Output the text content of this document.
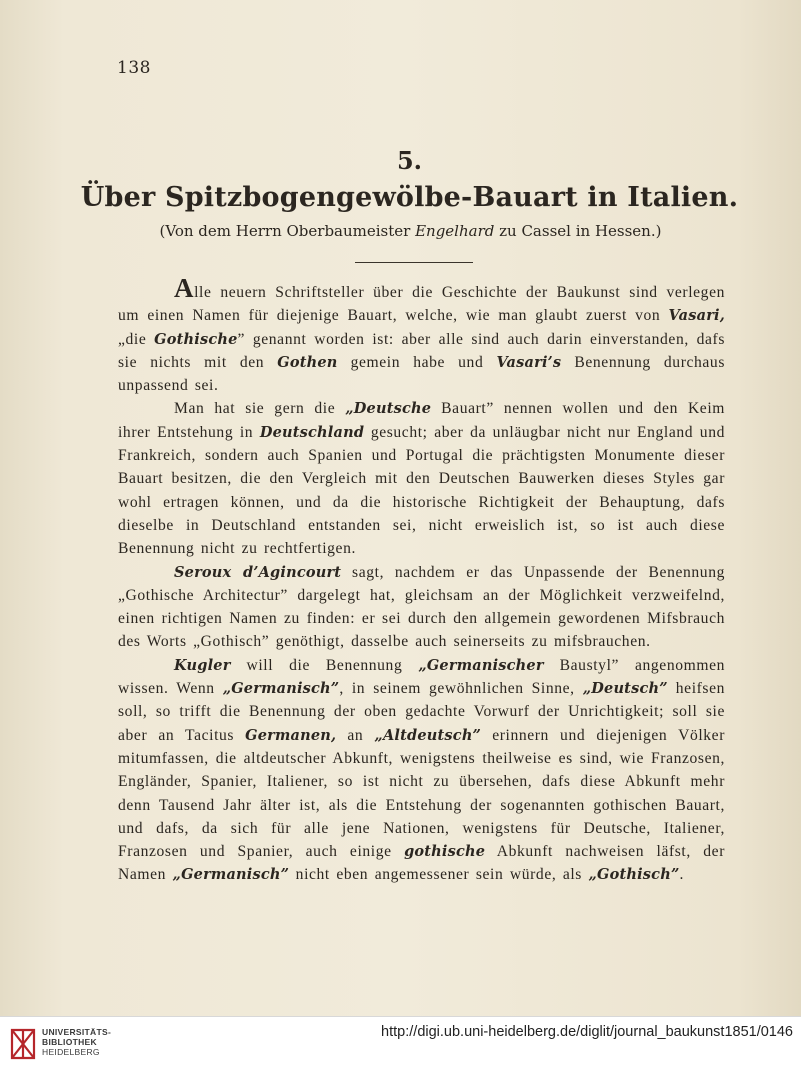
138
5.
Über Spitzbogengewölbe-Bauart in Italien.
(Von dem Herrn Oberbaumeister Engelhard zu Cassel in Hessen.)

Alle neuern Schriftsteller über die Geschichte der Baukunst sind verlegen um einen Namen für diejenige Bauart, welche, wie man glaubt zuerst von Vasari, „die Gothische” genannt worden ist: aber alle sind auch darin einverstanden, dafs sie nichts mit den Gothen gemein habe und Vasari’s Benennung durchaus unpassend sei.

Man hat sie gern die „Deutsche Bauart” nennen wollen und den Keim ihrer Entstehung in Deutschland gesucht; aber da unläugbar nicht nur England und Frankreich, sondern auch Spanien und Portugal die prächtigsten Monumente dieser Bauart besitzen, die den Vergleich mit den Deutschen Bauwerken dieses Styles gar wohl ertragen können, und da die historische Richtigkeit der Behauptung, dafs dieselbe in Deutschland entstanden sei, nicht erweislich ist, so ist auch diese Benennung nicht zu rechtfertigen.

Seroux d’Agincourt sagt, nachdem er das Unpassende der Benennung „Gothische Architectur” dargelegt hat, gleichsam an der Möglichkeit verzweifelnd, einen richtigen Namen zu finden: er sei durch den allgemein gewordenen Mifsbrauch des Worts „Gothisch” genöthigt, dasselbe auch seinerseits zu mifsbrauchen.

Kugler will die Benennung „Germanischer Baustyl” angenommen wissen. Wenn „Germanisch”, in seinem gewöhnlichen Sinne, „Deutsch” heifsen soll, so trifft die Benennung der oben gedachte Vorwurf der Unrichtigkeit; soll sie aber an Tacitus Germanen, an „Altdeutsch” erinnern und diejenigen Völker mitumfassen, die altdeutscher Abkunft, wenigstens theilweise es sind, wie Franzosen, Engländer, Spanier, Italiener, so ist nicht zu übersehen, dafs diese Abkunft mehr denn Tausend Jahr älter ist, als die Entstehung der sogenannten gothischen Bauart, und dafs, da sich für alle jene Nationen, wenigstens für Deutsche, Italiener, Franzosen und Spanier, auch einige gothische Abkunft nachweisen läfst, der Namen „Germanisch” nicht eben angemessener sein würde, als „Gothisch”.

UNIVERSITÄTS-
BIBLIOTHEK
HEIDELBERG
http://digi.ub.uni-heidelberg.de/diglit/journal_baukunst1851/0146
